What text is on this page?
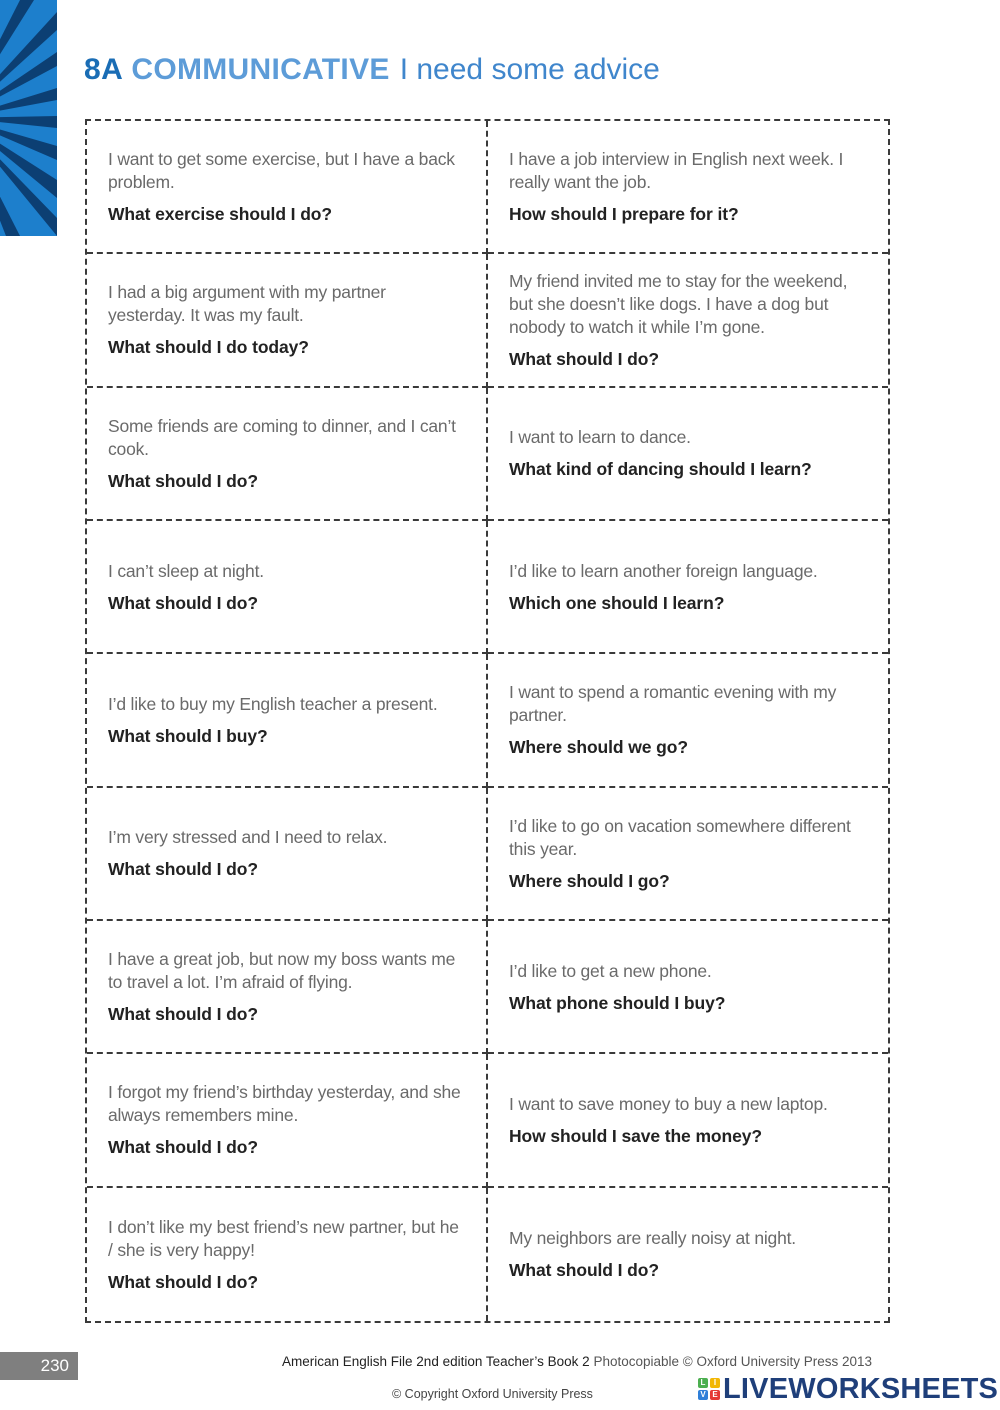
8A COMMUNICATIVE I need some advice

I want to get some exercise, but I have a back problem.

What exercise should I do?

I have a job interview in English next week. I really want the job.

How should I prepare for it?

I had a big argument with my partner yesterday. It was my fault.

What should I do today?

My friend invited me to stay for the weekend, but she doesn’t like dogs. I have a dog but nobody to watch it while I’m gone.

What should I do?

Some friends are coming to dinner, and I can’t cook.

What should I do?

I want to learn to dance.

What kind of dancing should I learn?

I can’t sleep at night.

What should I do?

I’d like to learn another foreign language.

Which one should I learn?

I’d like to buy my English teacher a present.

What should I buy?

I want to spend a romantic evening with my partner.

Where should we go?

I’m very stressed and I need to relax.

What should I do?

I’d like to go on vacation somewhere different this year.

Where should I go?

I have a great job, but now my boss wants me to travel a lot. I’m afraid of flying.

What should I do?

I’d like to get a new phone.

What phone should I buy?

I forgot my friend’s birthday yesterday, and she always remembers mine.

What should I do?

I want to save money to buy a new laptop.

How should I save the money?

I don’t like my best friend’s new partner, but he / she is very happy!

What should I do?

My neighbors are really noisy at night.

What should I do?

230	American English File 2nd edition Teacher’s Book 2 Photocopiable © Oxford University Press 2013
© Copyright Oxford University Press
L	I
V E LIVEWORKSHEETS
